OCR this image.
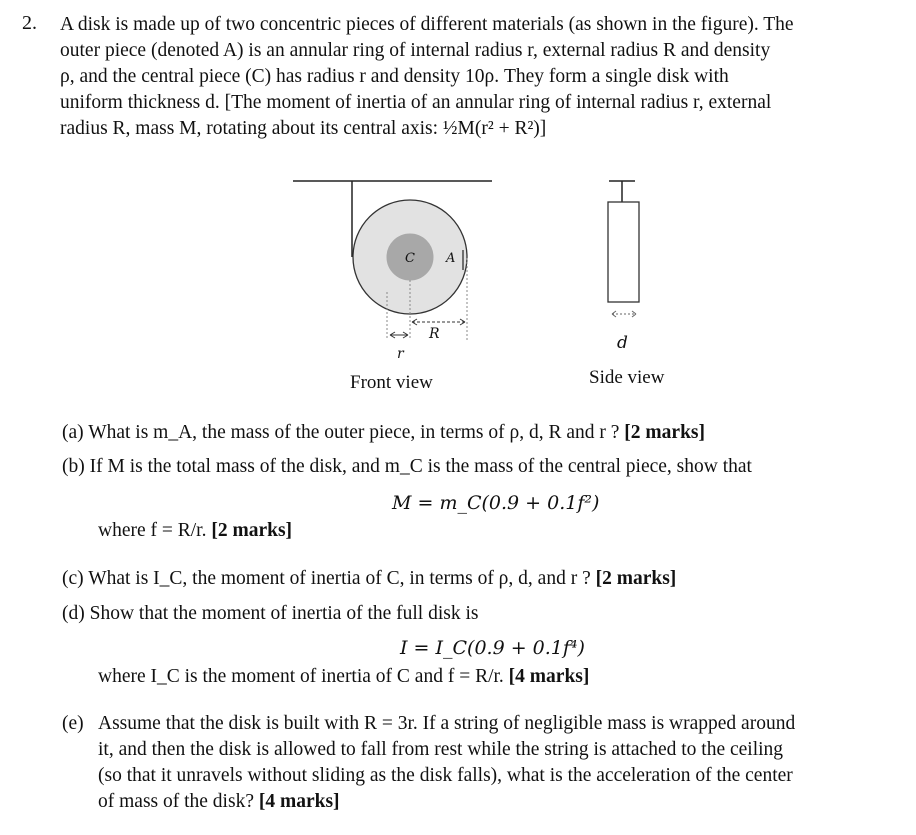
2. A disk is made up of two concentric pieces of different materials (as shown in the figure). The
outer piece (denoted A) is an annular ring of internal radius r, external radius R and density
ρ, and the central piece (C) has radius r and density 10ρ. They form a single disk with
uniform thickness d. [The moment of inertia of an annular ring of internal radius r, external
radius R, mass M, rotating about its central axis: ½M(r² + R²)]
C A
R
r
d
Front view	Side view
(a) What is m_A, the mass of the outer piece, in terms of ρ, d, R and r ? [2 marks]
(b) If M is the total mass of the disk, and m_C is the mass of the central piece, show that
M = m_C(0.9 + 0.1f²)
where f = R/r. [2 marks]
(c) What is I_C, the moment of inertia of C, in terms of ρ, d, and r ? [2 marks]
(d) Show that the moment of inertia of the full disk is
I = I_C(0.9 + 0.1f⁴)
where I_C is the moment of inertia of C and f = R/r. [4 marks]
(e) Assume that the disk is built with R = 3r. If a string of negligible mass is wrapped around
it, and then the disk is allowed to fall from rest while the string is attached to the ceiling
(so that it unravels without sliding as the disk falls), what is the acceleration of the center
of mass of the disk? [4 marks]
